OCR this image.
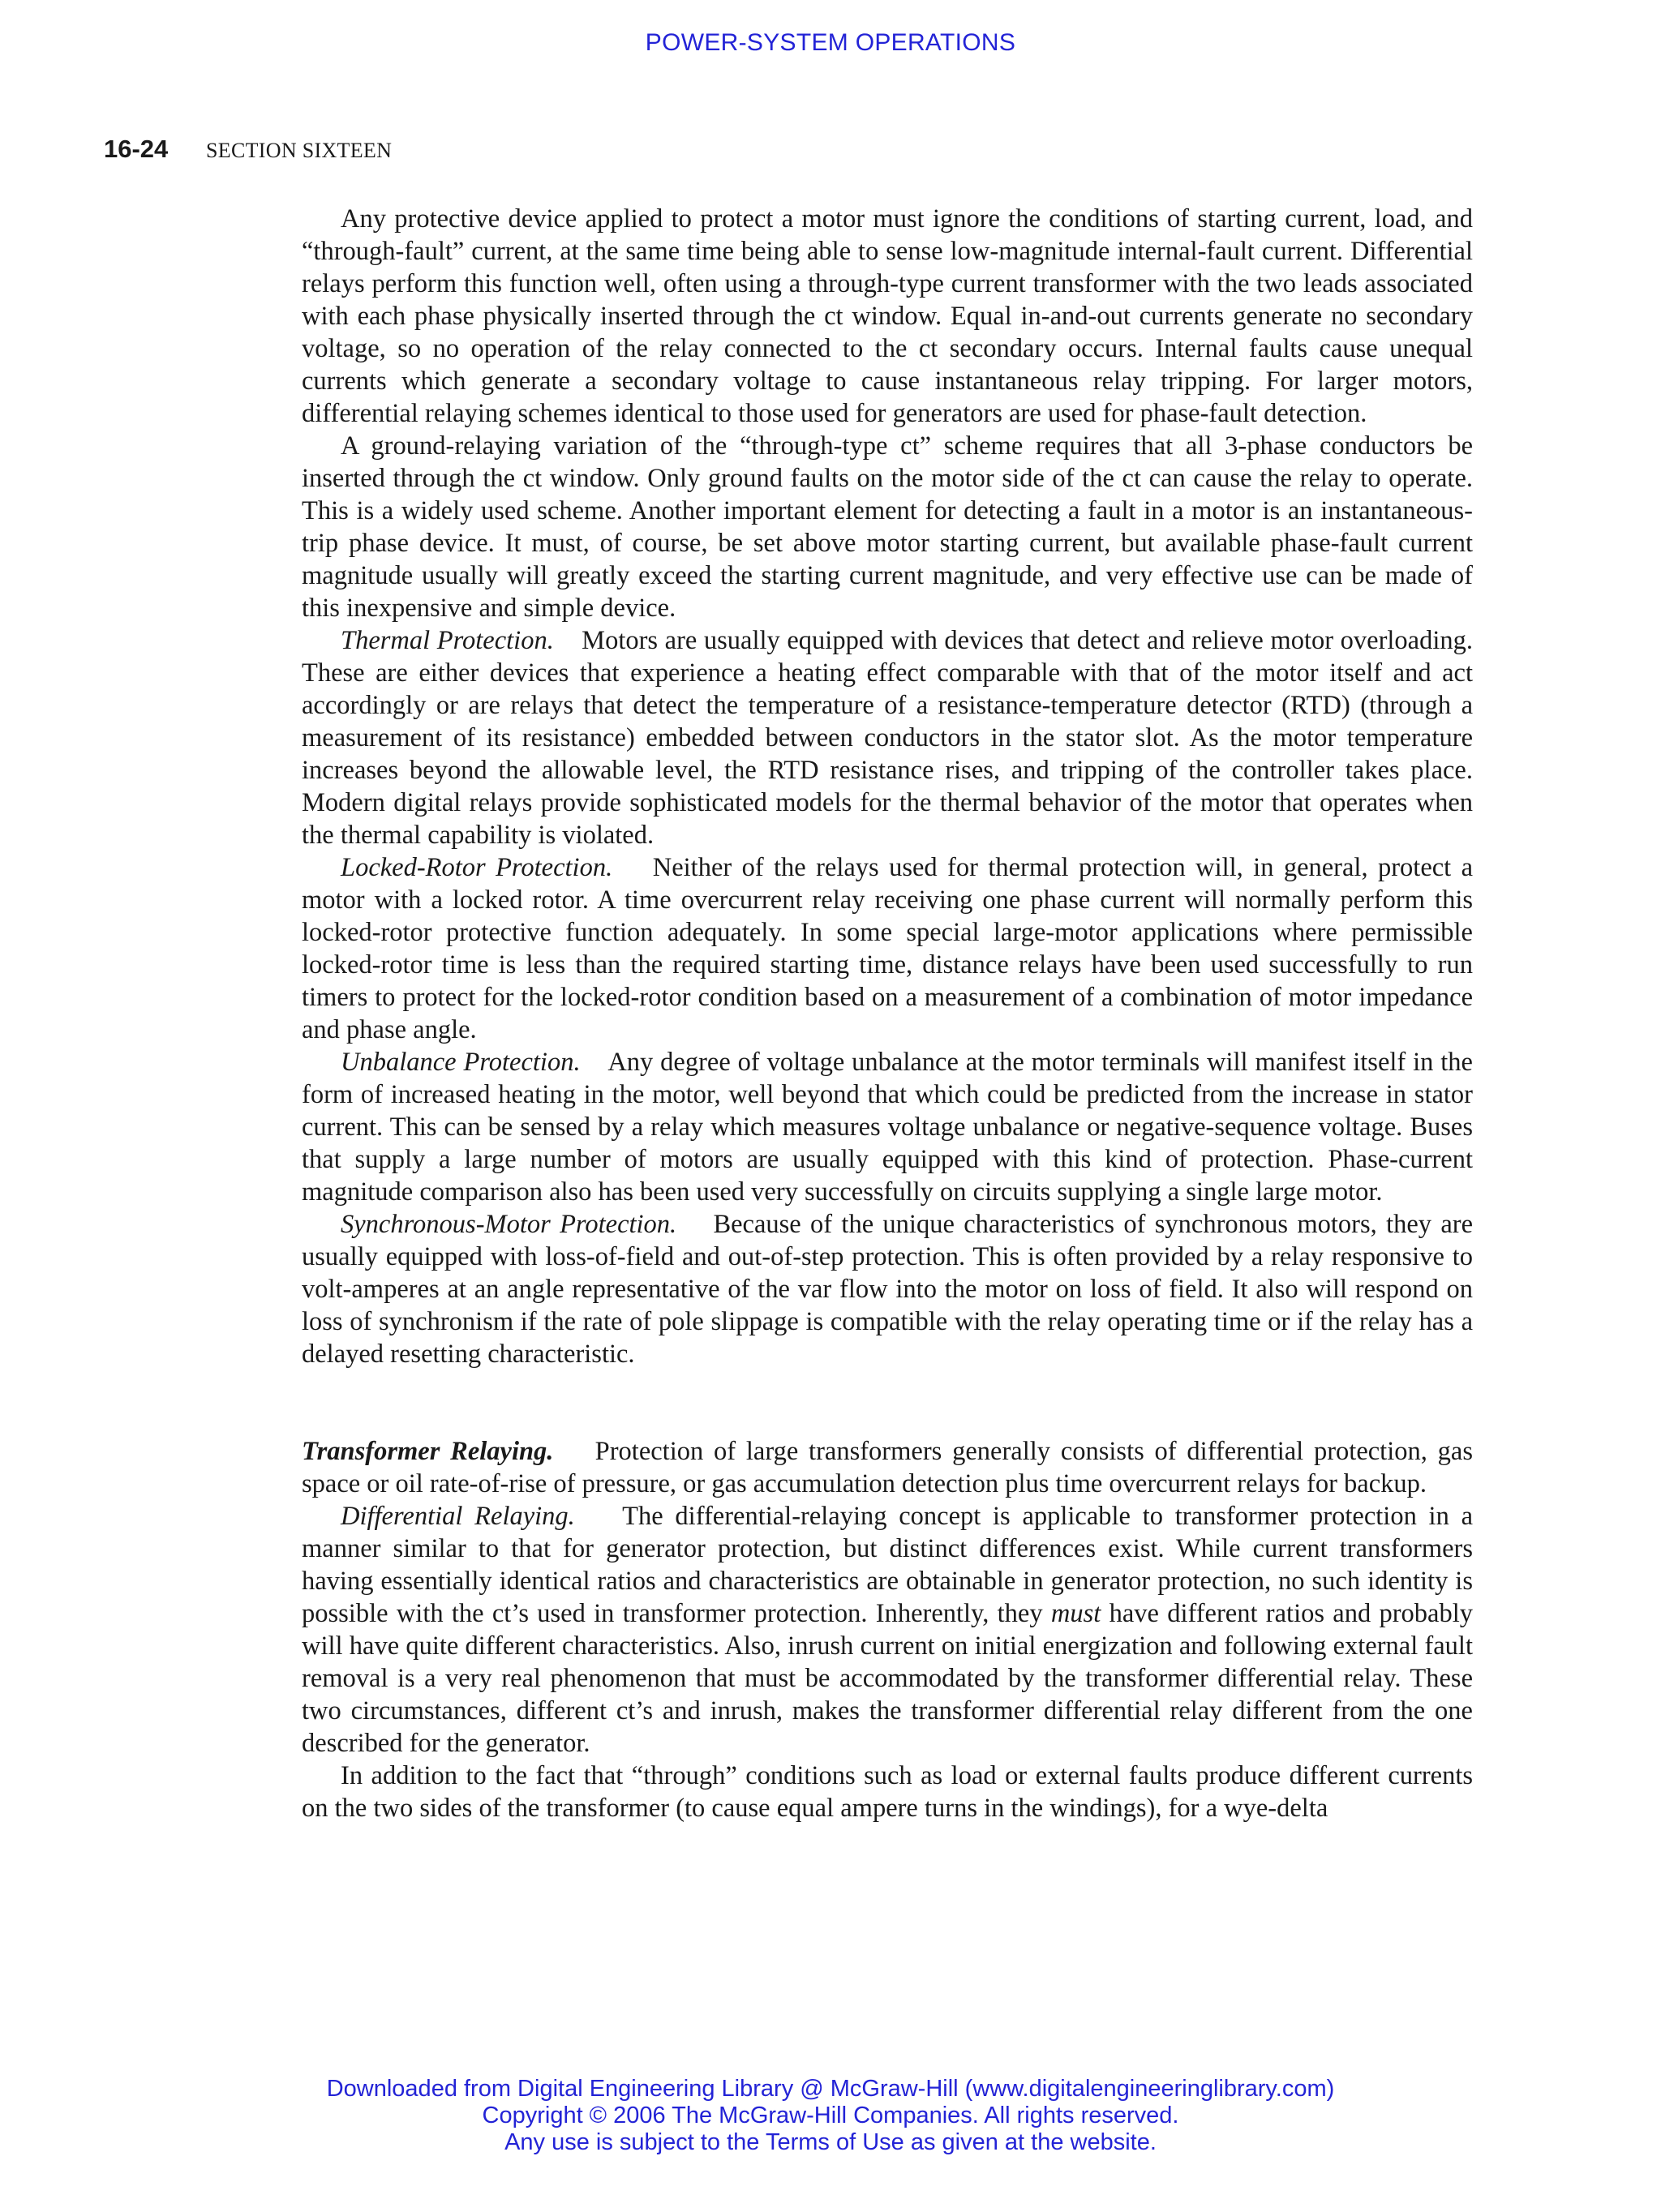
POWER-SYSTEM OPERATIONS
16-24 SECTION SIXTEEN

Any protective device applied to protect a motor must ignore the conditions of starting current, load, and “through-fault” current, at the same time being able to sense low-magnitude internal-fault current. Differential relays perform this function well, often using a through-type current transformer with the two leads associated with each phase physically inserted through the ct window. Equal in-and-out currents generate no secondary voltage, so no operation of the relay connected to the ct secondary occurs. Internal faults cause unequal currents which generate a secondary voltage to cause instantaneous relay tripping. For larger motors, differential relaying schemes identical to those used for generators are used for phase-fault detection.

A ground-relaying variation of the “through-type ct” scheme requires that all 3-phase conductors be inserted through the ct window. Only ground faults on the motor side of the ct can cause the relay to operate. This is a widely used scheme. Another important element for detecting a fault in a motor is an instantaneous-trip phase device. It must, of course, be set above motor starting current, but available phase-fault current magnitude usually will greatly exceed the starting current magnitude, and very effective use can be made of this inexpensive and simple device.

Thermal Protection. Motors are usually equipped with devices that detect and relieve motor overloading. These are either devices that experience a heating effect comparable with that of the motor itself and act accordingly or are relays that detect the temperature of a resistance-temperature detector (RTD) (through a measurement of its resistance) embedded between conductors in the stator slot. As the motor temperature increases beyond the allowable level, the RTD resistance rises, and tripping of the controller takes place. Modern digital relays provide sophisticated models for the thermal behavior of the motor that operates when the thermal capability is violated.

Locked-Rotor Protection. Neither of the relays used for thermal protection will, in general, protect a motor with a locked rotor. A time overcurrent relay receiving one phase current will normally perform this locked-rotor protective function adequately. In some special large-motor applications where permissible locked-rotor time is less than the required starting time, distance relays have been used successfully to run timers to protect for the locked-rotor condition based on a measurement of a combination of motor impedance and phase angle.

Unbalance Protection. Any degree of voltage unbalance at the motor terminals will manifest itself in the form of increased heating in the motor, well beyond that which could be predicted from the increase in stator current. This can be sensed by a relay which measures voltage unbalance or negative-sequence voltage. Buses that supply a large number of motors are usually equipped with this kind of protection. Phase-current magnitude comparison also has been used very successfully on circuits supplying a single large motor.

Synchronous-Motor Protection. Because of the unique characteristics of synchronous motors, they are usually equipped with loss-of-field and out-of-step protection. This is often provided by a relay responsive to volt-amperes at an angle representative of the var flow into the motor on loss of field. It also will respond on loss of synchronism if the rate of pole slippage is compatible with the relay operating time or if the relay has a delayed resetting characteristic.

Transformer Relaying. Protection of large transformers generally consists of differential protection, gas space or oil rate-of-rise of pressure, or gas accumulation detection plus time overcurrent relays for backup.

Differential Relaying. The differential-relaying concept is applicable to transformer protection in a manner similar to that for generator protection, but distinct differences exist. While current transformers having essentially identical ratios and characteristics are obtainable in generator protection, no such identity is possible with the ct’s used in transformer protection. Inherently, they must have different ratios and probably will have quite different characteristics. Also, inrush current on initial energization and following external fault removal is a very real phenomenon that must be accommodated by the transformer differential relay. These two circumstances, different ct’s and inrush, makes the transformer differential relay different from the one described for the generator.

In addition to the fact that “through” conditions such as load or external faults produce different currents on the two sides of the transformer (to cause equal ampere turns in the windings), for a wye-delta

Downloaded from Digital Engineering Library @ McGraw-Hill (www.digitalengineeringlibrary.com)
Copyright © 2006 The McGraw-Hill Companies. All rights reserved.
Any use is subject to the Terms of Use as given at the website.
